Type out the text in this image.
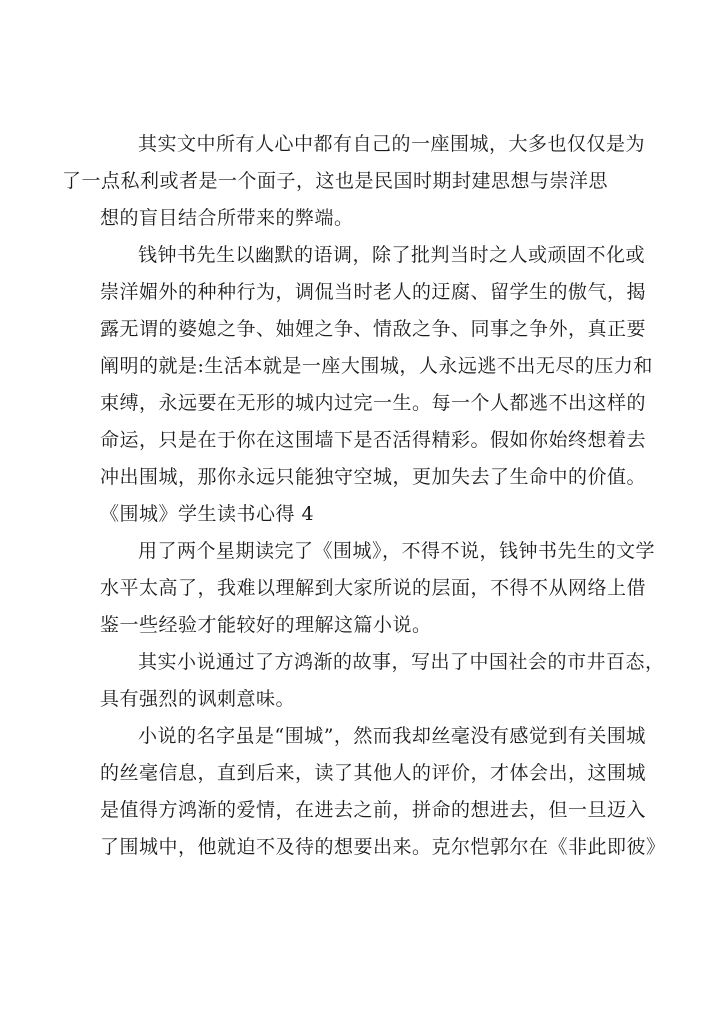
其实文中所有人心中都有自己的一座围城，大多也仅仅是为
了一点私利或者是一个面子，这也是民国时期封建思想与崇洋思
想的盲目结合所带来的弊端。

钱钟书先生以幽默的语调，除了批判当时之人或顽固不化或
崇洋媚外的种种行为，调侃当时老人的迂腐、留学生的傲气，揭
露无谓的婆媳之争、妯娌之争、情敌之争、同事之争外，真正要
阐明的就是:生活本就是一座大围城，人永远逃不出无尽的压力和
束缚，永远要在无形的城内过完一生。每一个人都逃不出这样的
命运，只是在于你在这围墙下是否活得精彩。假如你始终想着去
冲出围城，那你永远只能独守空城，更加失去了生命中的价值。

《围城》学生读书心得 4

用了两个星期读完了《围城》，不得不说，钱钟书先生的文学
水平太高了，我难以理解到大家所说的层面，不得不从网络上借
鉴一些经验才能较好的理解这篇小说。

其实小说通过了方鸿渐的故事，写出了中国社会的市井百态，
具有强烈的讽刺意味。

小说的名字虽是“围城”，然而我却丝毫没有感觉到有关围城
的丝毫信息，直到后来，读了其他人的评价，才体会出，这围城
是值得方鸿渐的爱情，在进去之前，拼命的想进去，但一旦迈入
了围城中，他就迫不及待的想要出来。克尔恺郭尔在《非此即彼》
